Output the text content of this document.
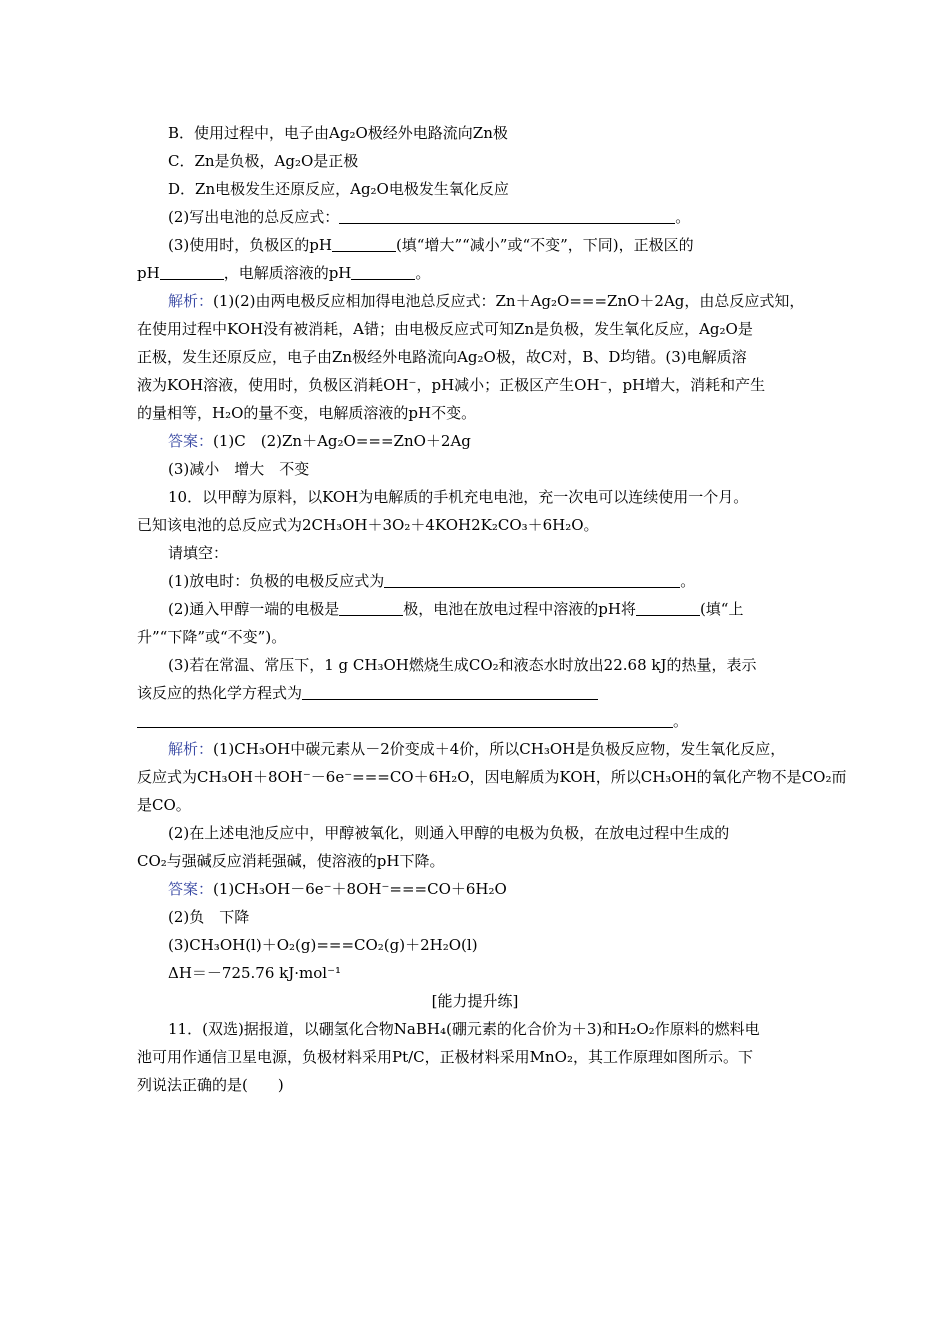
B．使用过程中，电子由Ag₂O极经外电路流向Zn极
C．Zn是负极，Ag₂O是正极
D．Zn电极发生还原反应，Ag₂O电极发生氧化反应
(2)写出电池的总反应式：	。
(3)使用时，负极区的pH	(填“增大”“减小”或“不变”，下同)，正极区的
pH	，电解质溶液的pH	。
解析：(1)(2)由两电极反应相加得电池总反应式：Zn＋Ag₂O===ZnO＋2Ag，由总反应式知，
在使用过程中KOH没有被消耗，A错；由电极反应式可知Zn是负极，发生氧化反应，Ag₂O是
正极，发生还原反应，电子由Zn极经外电路流向Ag₂O极，故C对，B、D均错。(3)电解质溶
液为KOH溶液，使用时，负极区消耗OH⁻，pH减小；正极区产生OH⁻，pH增大，消耗和产生
的量相等，H₂O的量不变，电解质溶液的pH不变。
答案：(1)C　(2)Zn＋Ag₂O===ZnO＋2Ag
(3)减小　增大　不变
10．以甲醇为原料，以KOH为电解质的手机充电电池，充一次电可以连续使用一个月。
已知该电池的总反应式为2CH₃OH＋3O₂＋4KOH2K₂CO₃＋6H₂O。
请填空：
(1)放电时：负极的电极反应式为	。
(2)通入甲醇一端的电极是	极，电池在放电过程中溶液的pH将	(填“上
升”“下降”或“不变”)。
(3)若在常温、常压下，1 g CH₃OH燃烧生成CO₂和液态水时放出22.68 kJ的热量，表示
该反应的热化学方程式为
。
解析：(1)CH₃OH中碳元素从－2价变成＋4价，所以CH₃OH是负极反应物，发生氧化反应，
反应式为CH₃OH＋8OH⁻－6e⁻===CO＋6H₂O，因电解质为KOH，所以CH₃OH的氧化产物不是CO₂而
是CO。
(2)在上述电池反应中，甲醇被氧化，则通入甲醇的电极为负极，在放电过程中生成的
CO₂与强碱反应消耗强碱，使溶液的pH下降。
答案：(1)CH₃OH－6e⁻＋8OH⁻===CO＋6H₂O
(2)负　下降
(3)CH₃OH(l)＋O₂(g)===CO₂(g)＋2H₂O(l)
ΔH＝－725.76 kJ·mol⁻¹
[能力提升练]
11．(双选)据报道，以硼氢化合物NaBH₄(硼元素的化合价为＋3)和H₂O₂作原料的燃料电
池可用作通信卫星电源，负极材料采用Pt/C，正极材料采用MnO₂，其工作原理如图所示。下
列说法正确的是(　　)
